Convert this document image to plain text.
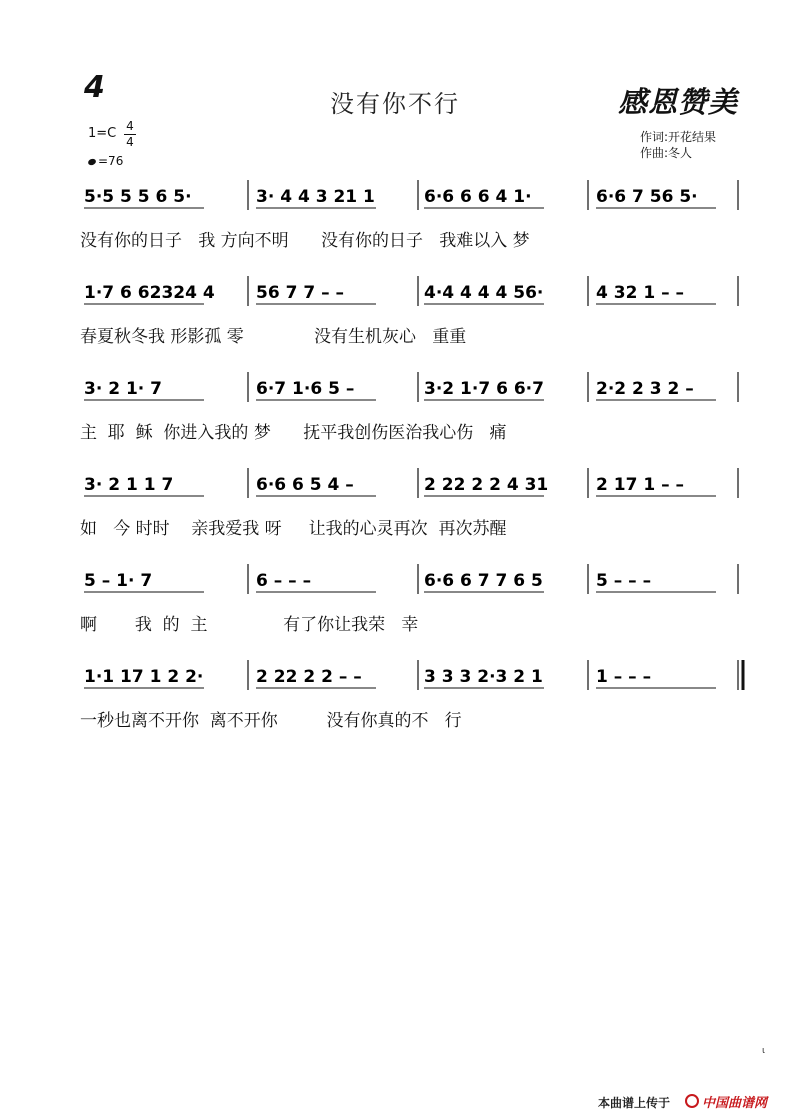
4	没有你不行	感恩赞美
1=C 4
4
=76
作词:开花结果
作曲:冬人
5·5 5 5 6 5·	3· 4 4 3 21 1	6·6 6 6 4 1·	6·6 7 56 5·
没有你的日子   我 方向不明      没有你的日子   我难以入 梦
1·7 6 62324 4 56 7 7 – –	4·4 4 4 4 56·	4 32 1 – –
春夏秋冬我 形影孤 零             没有生机灰心   重重
3· 2 1· 7	6·7 1·6 5 –	3·2 1·7 6 6·7	2·2 2 3 2 –
主  耶  稣  你进入我的 梦      抚平我创伤医治我心伤   痛
3· 2 1 1 7	6·6 6 5 4 –	2 22 2 2 4 31	2 17 1 – –
如   今 时时    亲我爱我 呀     让我的心灵再次  再次苏醒
5 – 1· 7	6 – – –	6·6 6 7 7 6 5	5 – – –
啊       我  的  主              有了你让我荣   幸
1·1 17 1 2 2·	2 22 2 2 – –	3 3 3 2·3 2 1	1 – – –
一秒也离不开你  离不开你         没有你真的不   行
ι
本曲谱上传于 中国曲谱网
